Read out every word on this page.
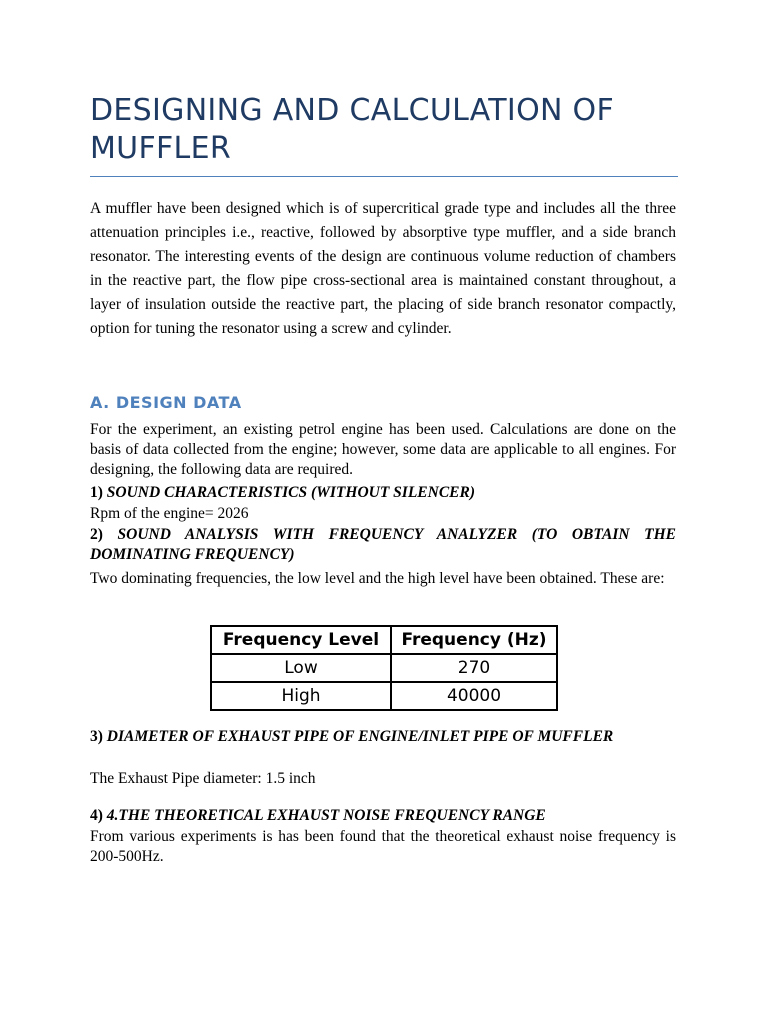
DESIGNING AND CALCULATION OF MUFFLER

A muffler have been designed which is of supercritical grade type and includes all the three attenuation principles i.e., reactive, followed by absorptive type muffler, and a side branch resonator. The interesting events of the design are continuous volume reduction of chambers in the reactive part, the flow pipe cross-sectional area is maintained constant throughout, a layer of insulation outside the reactive part, the placing of side branch resonator compactly, option for tuning the resonator using a screw and cylinder.

A. DESIGN DATA

For the experiment, an existing petrol engine has been used. Calculations are done on the basis of data collected from the engine; however, some data are applicable to all engines. For designing, the following data are required.

1) SOUND CHARACTERISTICS (WITHOUT SILENCER)

Rpm of the engine= 2026

2) SOUND ANALYSIS WITH FREQUENCY ANALYZER (TO OBTAIN THE DOMINATING FREQUENCY)

Two dominating frequencies, the low level and the high level have been obtained. These are:

Frequency Level	Frequency (Hz)
Low	270
High	40000

3) DIAMETER OF EXHAUST PIPE OF ENGINE/INLET PIPE OF MUFFLER

The Exhaust Pipe diameter: 1.5 inch

4) 4.THE THEORETICAL EXHAUST NOISE FREQUENCY RANGE

From various experiments is has been found that the theoretical exhaust noise frequency is 200-500Hz.
